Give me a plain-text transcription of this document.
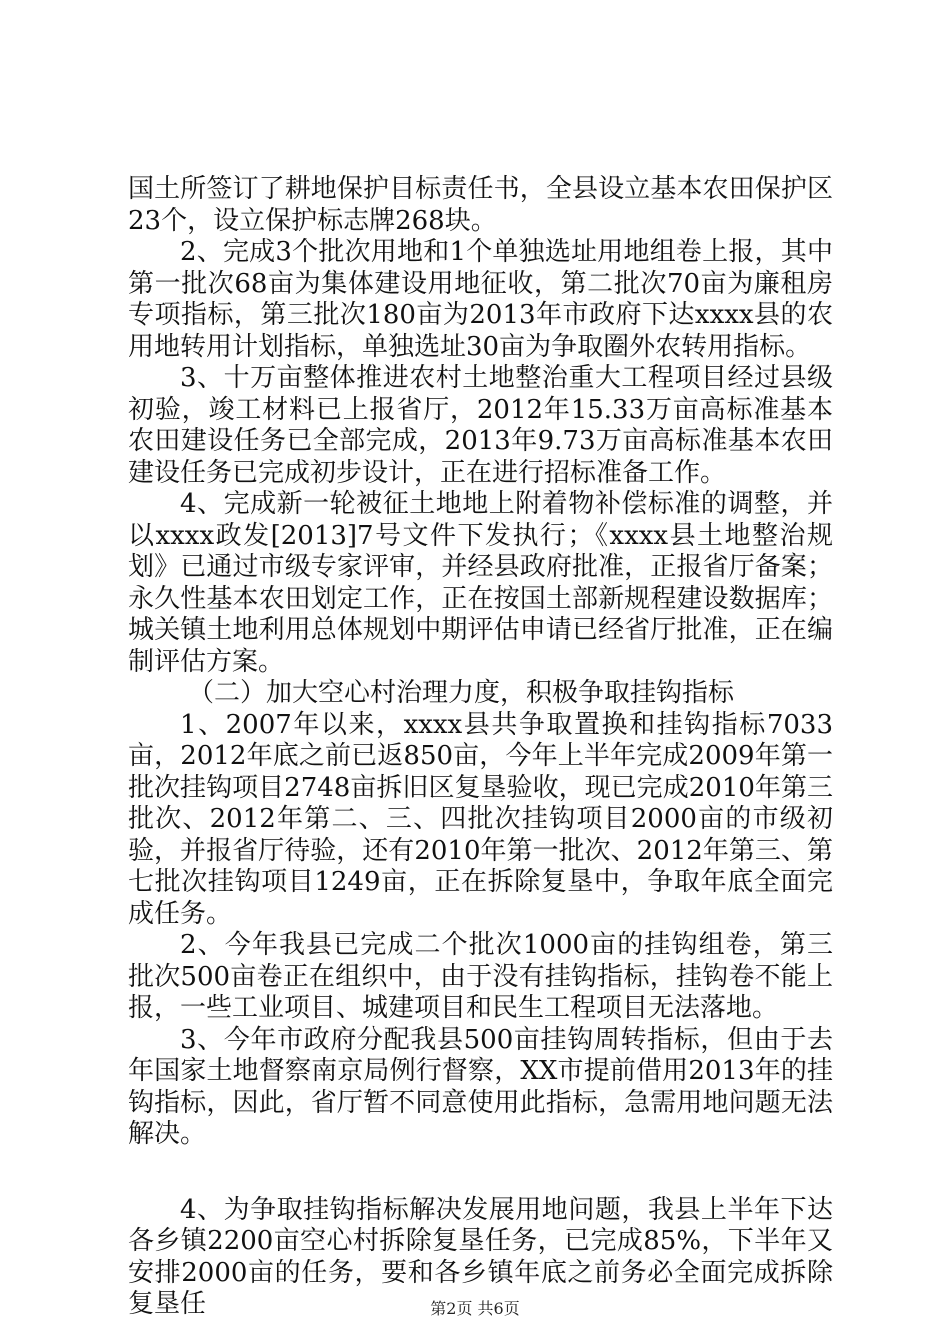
国土所签订了耕地保护目标责任书，全县设立基本农田保护区23个，设立保护标志牌268块。

2、完成3个批次用地和1个单独选址用地组卷上报，其中第一批次68亩为集体建设用地征收，第二批次70亩为廉租房专项指标，第三批次180亩为2013年市政府下达xxxx县的农用地转用计划指标，单独选址30亩为争取圈外农转用指标。

3、十万亩整体推进农村土地整治重大工程项目经过县级初验，竣工材料已上报省厅，2012年15.33万亩高标准基本农田建设任务已全部完成，2013年9.73万亩高标准基本农田建设任务已完成初步设计，正在进行招标准备工作。

4、完成新一轮被征土地地上附着物补偿标准的调整，并以xxxx政发[2013]7号文件下发执行；《xxxx县土地整治规划》已通过市级专家评审，并经县政府批准，正报省厅备案；永久性基本农田划定工作，正在按国土部新规程建设数据库；城关镇土地利用总体规划中期评估申请已经省厅批准，正在编制评估方案。

（二）加大空心村治理力度，积极争取挂钩指标

1、2007年以来，xxxx县共争取置换和挂钩指标7033亩，2012年底之前已返850亩，今年上半年完成2009年第一批次挂钩项目2748亩拆旧区复垦验收，现已完成2010年第三批次、2012年第二、三、四批次挂钩项目2000亩的市级初验，并报省厅待验，还有2010年第一批次、2012年第三、第七批次挂钩项目1249亩，正在拆除复垦中，争取年底全面完成任务。

2、今年我县已完成二个批次1000亩的挂钩组卷，第三批次500亩卷正在组织中，由于没有挂钩指标，挂钩卷不能上报，一些工业项目、城建项目和民生工程项目无法落地。

3、今年市政府分配我县500亩挂钩周转指标，但由于去年国家土地督察南京局例行督察，XX市提前借用2013年的挂钩指标，因此，省厅暂不同意使用此指标，急需用地问题无法解决。

4、为争取挂钩指标解决发展用地问题，我县上半年下达各乡镇2200亩空心村拆除复垦任务，已完成85%，下半年又安排2000亩的任务，要和各乡镇年底之前务必全面完成拆除复垦任	第2页 共6页
